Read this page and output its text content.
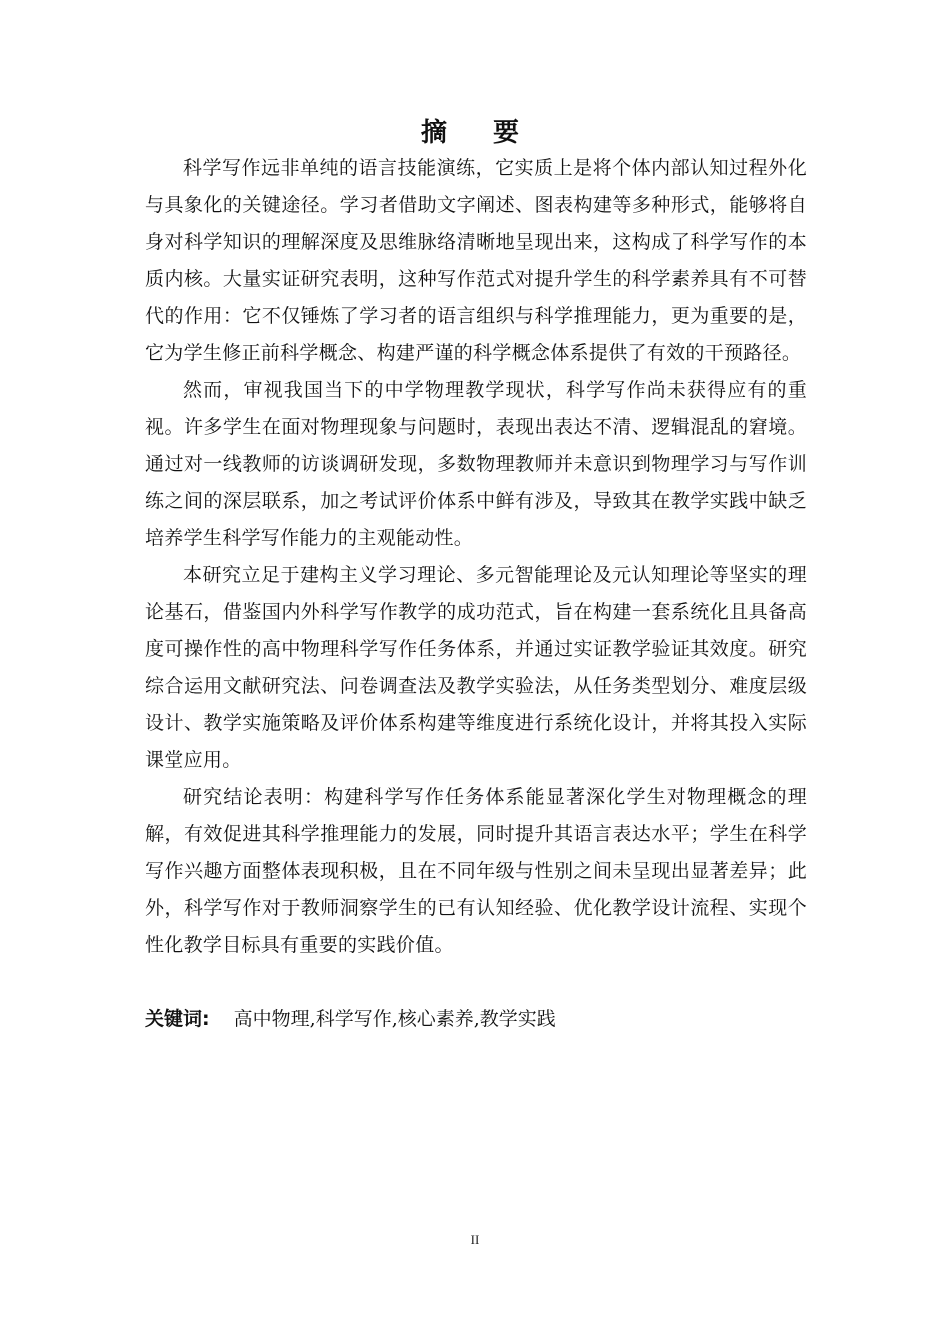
摘　要

科学写作远非单纯的语言技能演练，它实质上是将个体内部认知过程外化与具象化的关键途径。学习者借助文字阐述、图表构建等多种形式，能够将自身对科学知识的理解深度及思维脉络清晰地呈现出来，这构成了科学写作的本质内核。大量实证研究表明，这种写作范式对提升学生的科学素养具有不可替代的作用：它不仅锤炼了学习者的语言组织与科学推理能力，更为重要的是，它为学生修正前科学概念、构建严谨的科学概念体系提供了有效的干预路径。

然而，审视我国当下的中学物理教学现状，科学写作尚未获得应有的重视。许多学生在面对物理现象与问题时，表现出表达不清、逻辑混乱的窘境。通过对一线教师的访谈调研发现，多数物理教师并未意识到物理学习与写作训练之间的深层联系，加之考试评价体系中鲜有涉及，导致其在教学实践中缺乏培养学生科学写作能力的主观能动性。

本研究立足于建构主义学习理论、多元智能理论及元认知理论等坚实的理论基石，借鉴国内外科学写作教学的成功范式，旨在构建一套系统化且具备高度可操作性的高中物理科学写作任务体系，并通过实证教学验证其效度。研究综合运用文献研究法、问卷调查法及教学实验法，从任务类型划分、难度层级设计、教学实施策略及评价体系构建等维度进行系统化设计，并将其投入实际课堂应用。

研究结论表明：构建科学写作任务体系能显著深化学生对物理概念的理解，有效促进其科学推理能力的发展，同时提升其语言表达水平；学生在科学写作兴趣方面整体表现积极，且在不同年级与性别之间未呈现出显著差异；此外，科学写作对于教师洞察学生的已有认知经验、优化教学设计流程、实现个性化教学目标具有重要的实践价值。

关键词: 高中物理,科学写作,核心素养,教学实践
II
